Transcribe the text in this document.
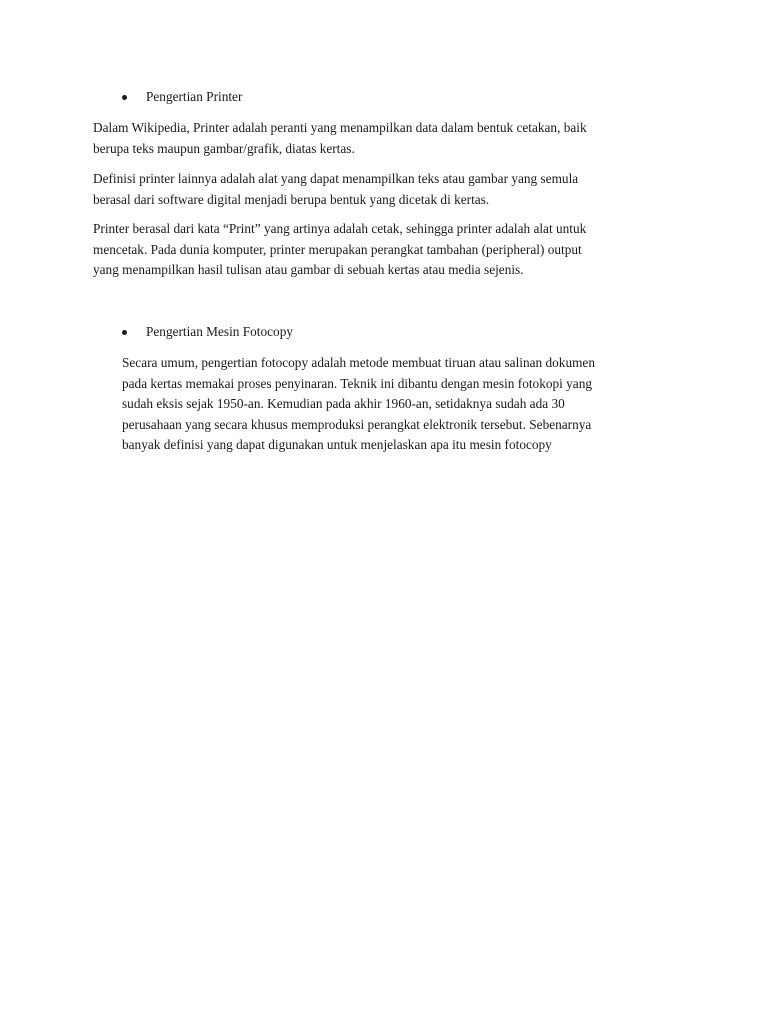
Pengertian Printer
Dalam Wikipedia, Printer adalah peranti yang menampilkan data dalam bentuk cetakan, baik
berupa teks maupun gambar/grafik, diatas kertas.
Definisi printer lainnya adalah alat yang dapat menampilkan teks atau gambar yang semula
berasal dari software digital menjadi berupa bentuk yang dicetak di kertas.
Printer berasal dari kata “Print” yang artinya adalah cetak, sehingga printer adalah alat untuk
mencetak. Pada dunia komputer, printer merupakan perangkat tambahan (peripheral) output
yang menampilkan hasil tulisan atau gambar di sebuah kertas atau media sejenis.
Pengertian Mesin Fotocopy
Secara umum, pengertian fotocopy adalah metode membuat tiruan atau salinan dokumen
pada kertas memakai proses penyinaran. Teknik ini dibantu dengan mesin fotokopi yang
sudah eksis sejak 1950-an. Kemudian pada akhir 1960-an, setidaknya sudah ada 30
perusahaan yang secara khusus memproduksi perangkat elektronik tersebut. Sebenarnya
banyak definisi yang dapat digunakan untuk menjelaskan apa itu mesin fotocopy
